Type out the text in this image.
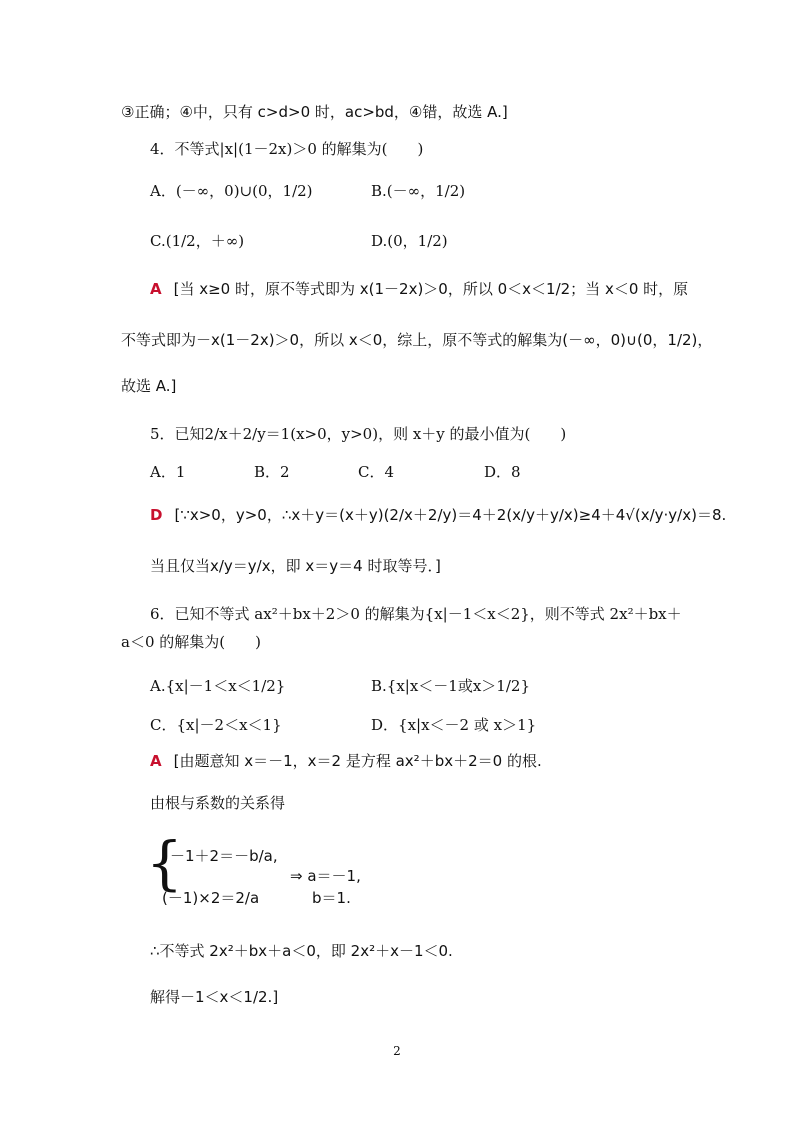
③正确；④中，只有 c>d>0 时，ac>bd，④错，故选 A.]
4．不等式|x|(1－2x)＞0 的解集为(　　)
A．(－∞，0)∪(0，1/2)	B.(－∞，1/2)
C.(1/2，＋∞)	D.(0，1/2)
A [当 x≥0 时，原不等式即为 x(1－2x)＞0，所以 0＜x＜1/2；当 x＜0 时，原
不等式即为－x(1－2x)＞0，所以 x＜0，综上，原不等式的解集为(－∞，0)∪(0，1/2)，
故选 A.]
5．已知2/x＋2/y＝1(x>0，y>0)，则 x＋y 的最小值为(　　)
A．1	B．2	C．4	D．8
D [∵x>0，y>0，∴x＋y＝(x＋y)(2/x＋2/y)＝4＋2(x/y＋y/x)≥4＋4√(x/y·y/x)＝8.
当且仅当x/y＝y/x，即 x＝y＝4 时取等号．]
6．已知不等式 ax²＋bx＋2＞0 的解集为{x|－1＜x＜2}，则不等式 2x²＋bx＋
a＜0 的解集为(　　)
A.{x|－1＜x＜1/2}	B.{x|x＜－1或x＞1/2}
C．{x|－2＜x＜1}	D．{x|x＜－2 或 x＞1}
A [由题意知 x＝－1，x＝2 是方程 ax²＋bx＋2＝0 的根.
由根与系数的关系得
{
－1＋2＝－b/a,
(－1)×2＝2/a
⇒ a＝－1,
b＝1.
∴不等式 2x²＋bx＋a＜0，即 2x²＋x－1＜0.
解得－1＜x＜1/2.]
2
